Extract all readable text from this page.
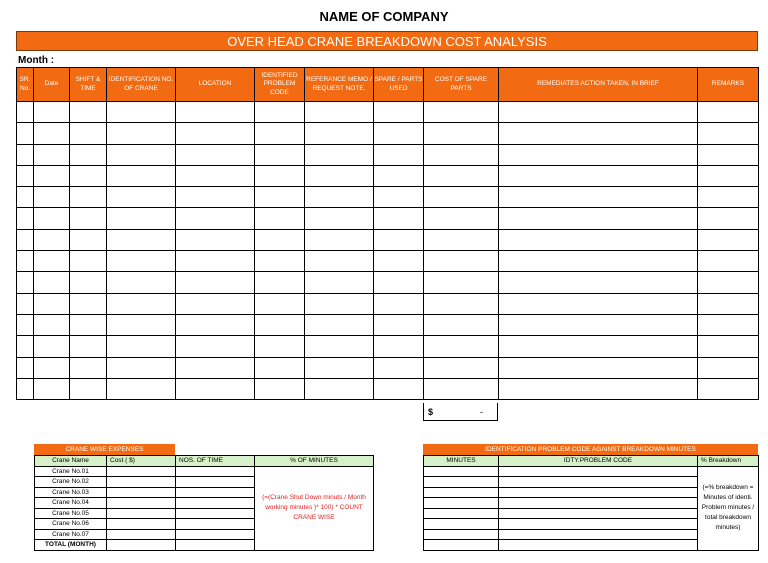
NAME OF COMPANY
OVER HEAD CRANE BREAKDOWN COST ANALYSIS
Month :
SR. No.	Date	SHIFT & TIME	IDENTIFICATION NO. OF CRANE	LOCATION	IDENTIFIED PROBLEM CODE	REFERANCE MEMO / REQUEST NOTE.	SPARE / PARTS USED	COST OF SPARE PARTS	REMEDIATES ACTION TAKEN, IN BRIEF	REMARKS

$	-
CRANE WISE EXPENSES
Crane Name	Cost ( $)	NOS. OF TIME	% OF MINUTES
Crane No.01			(=(Crane Shut Down minuts / Month working minutes )* 100) * COUNT CRANE WISE
Crane No.02			
Crane No.03			
Crane No.04			
Crane No.05			
Crane No.06			
Crane No.07			
TOTAL (MONTH)			
IDENTIFICATION PROBLEM CODE AGAINST BREAKDOWN MINUTES
MINUTES	IDTY.PROBLEM CODE	% Breakdown
		(=% breakdown = Minutes of identi. Problem minutes / total breakdown minutes)
